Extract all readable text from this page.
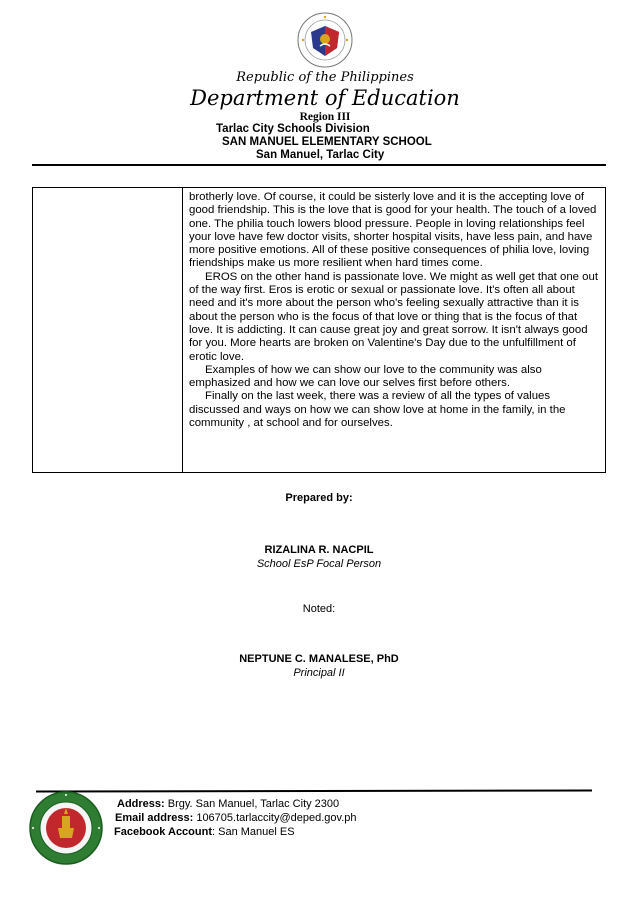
Republic of the Philippines
Department of Education
Region III
Tarlac City Schools Division
SAN MANUEL ELEMENTARY SCHOOL
San Manuel, Tarlac City

brotherly love. Of course, it could be sisterly love and it is the accepting love of good friendship. This is the love that is good for your health. The touch of a loved one. The philia touch lowers blood pressure. People in loving relationships feel your love have few doctor visits, shorter hospital visits, have less pain, and have more positive emotions. All of these positive consequences of philia love, loving friendships make us more resilient when hard times come.

EROS on the other hand is passionate love. We might as well get that one out of the way first. Eros is erotic or sexual or passionate love. It's often all about need and it's more about the person who's feeling sexually attractive than it is about the person who is the focus of that love or thing that is the focus of that love. It is addicting. It can cause great joy and great sorrow. It isn't always good for you. More hearts are broken on Valentine's Day due to the unfulfillment of erotic love.

Examples of how we can show our love to the community was also emphasized and how we can love our selves first before others.

Finally on the last week, there was a review of all the types of values discussed and ways on how we can show love at home in the family, in the community , at school and for ourselves.

Prepared by:
RIZALINA R. NACPIL
School EsP Focal Person
Noted:
NEPTUNE C. MANALESE, PhD
Principal II
Address: Brgy. San Manuel, Tarlac City 2300
Email address: 106705.tarlaccity@deped.gov.ph
Facebook Account: San Manuel ES
